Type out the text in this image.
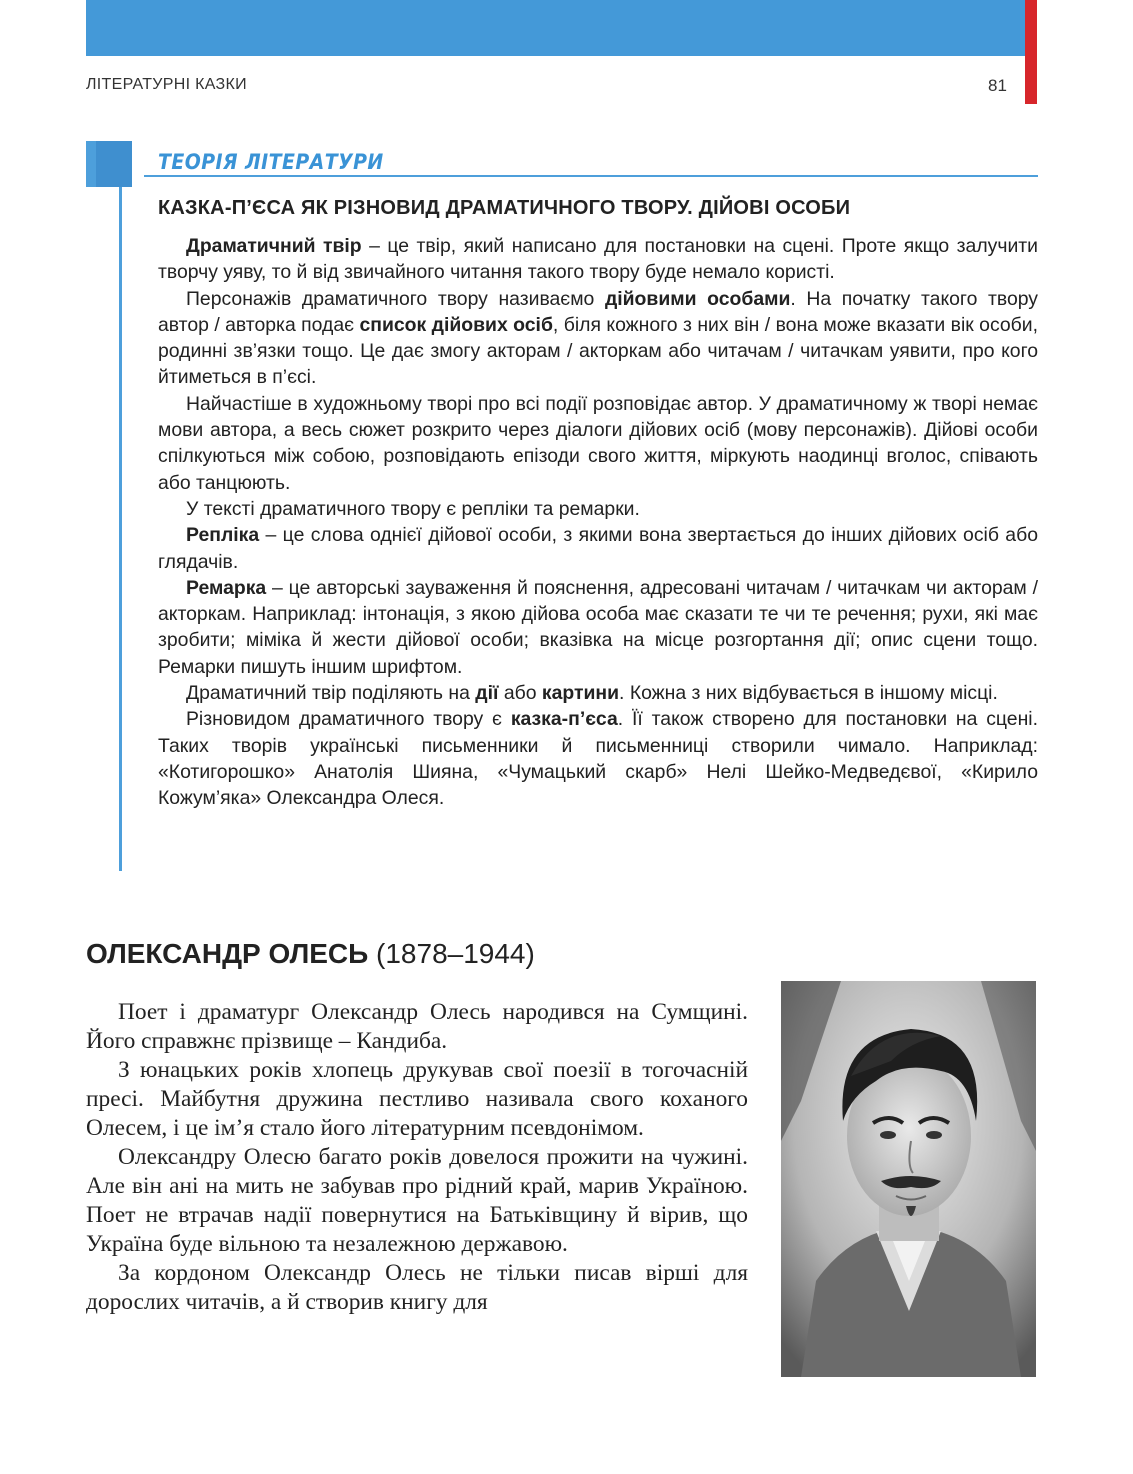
ЛІТЕРАТУРНІ КАЗКИ	81
ТЕОРІЯ ЛІТЕРАТУРИ
КАЗКА-П’ЄСА ЯК РІЗНОВИД ДРАМАТИЧНОГО ТВОРУ. ДІЙОВІ ОСОБИ

Драматичний твір – це твір, який написано для постановки на сцені. Проте якщо залучити творчу уяву, то й від звичайного читання такого твору буде немало користі.

Персонажів драматичного твору називаємо дійовими особами. На початку такого твору автор / авторка подає список дійових осіб, біля кожного з них він / вона може вказати вік особи, родинні зв’язки тощо. Це дає змогу акторам / акторкам або читачам / читачкам уявити, про кого йтиметься в п’єсі.

Найчастіше в художньому творі про всі події розповідає автор. У драматичному ж творі немає мови автора, а весь сюжет розкрито через діалоги дійових осіб (мову персонажів). Дійові особи спілкуються між собою, розповідають епізоди свого життя, міркують наодинці вголос, співають або танцюють.

У тексті драматичного твору є репліки та ремарки.

Репліка – це слова однієї дійової особи, з якими вона звертається до інших дійових осіб або глядачів.

Ремарка – це авторські зауваження й пояснення, адресовані читачам / читачкам чи акторам / акторкам. Наприклад: інтонація, з якою дійова особа має сказати те чи те речення; рухи, які має зробити; міміка й жести дійової особи; вказівка на місце розгортання дії; опис сцени тощо. Ремарки пишуть іншим шрифтом.

Драматичний твір поділяють на дії або картини. Кожна з них відбувається в іншому місці.

Різновидом драматичного твору є казка-п’єса. Її також створено для постановки на сцені. Таких творів українські письменники й письменниці створили чимало. Наприклад: «Котигорошко» Анатолія Шияна, «Чумацький скарб» Нелі Шейко-Медведєвої, «Кирило Кожум’яка» Олександра Олеся.

ОЛЕКСАНДР ОЛЕСЬ (1878–1944)

Поет і драматург Олександр Олесь народився на Сумщині. Його справжнє прізвище – Кандиба.

З юнацьких років хлопець друкував свої поезії в тогочасній пресі. Майбутня дружина пестливо називала свого коханого Олесем, і це ім’я стало його літературним псевдонімом.

Олександру Олесю багато років довелося прожити на чужині. Але він ані на мить не забував про рідний край, марив Україною. Поет не втрачав надії повернутися на Батьківщину й вірив, що Україна буде вільною та незалежною державою.

За кордоном Олександр Олесь не тільки писав вірші для дорослих читачів, а й створив книгу для
